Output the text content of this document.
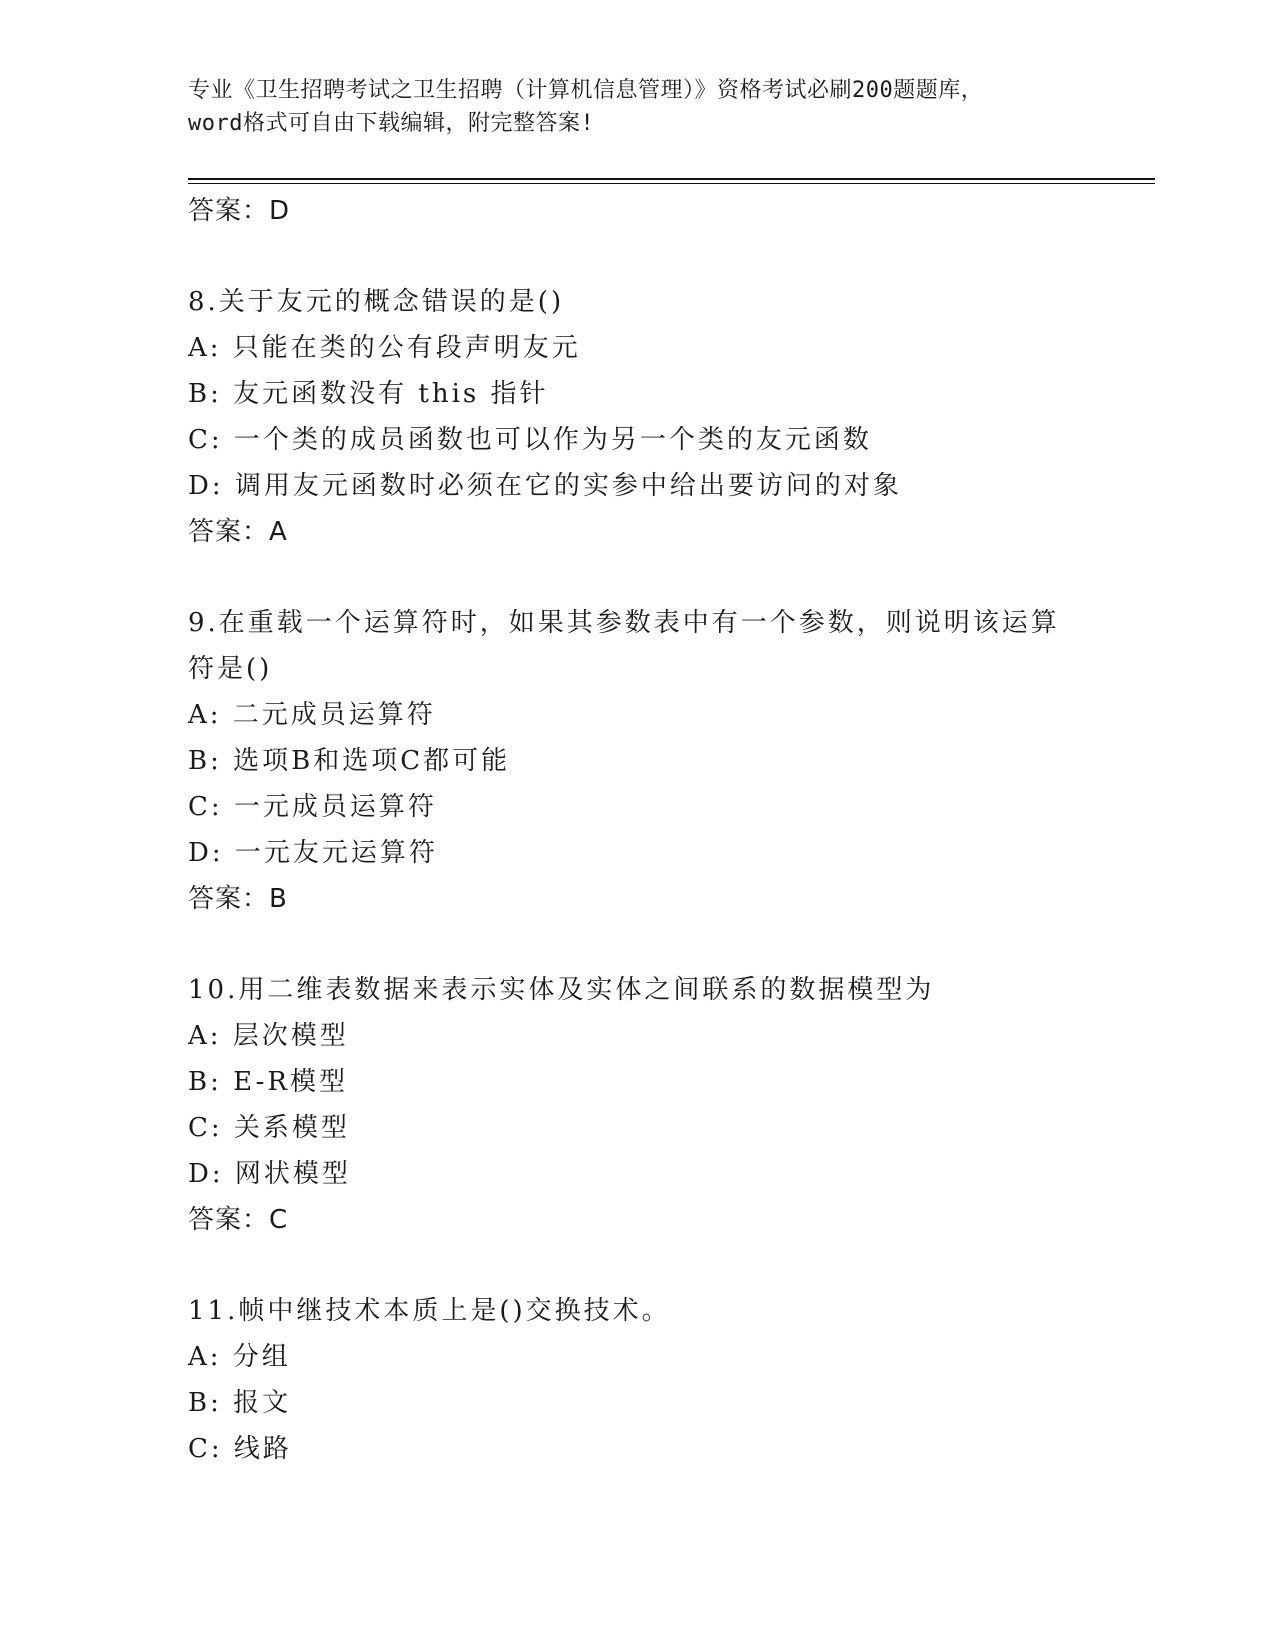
专业《卫生招聘考试之卫生招聘（计算机信息管理）》资格考试必刷200题题库，
word格式可自由下载编辑，附完整答案!
答案：D
8.关于友元的概念错误的是()
A: 只能在类的公有段声明友元
B: 友元函数没有 this 指针
C: 一个类的成员函数也可以作为另一个类的友元函数
D: 调用友元函数时必须在它的实参中给出要访问的对象
答案：A
9.在重载一个运算符时，如果其参数表中有一个参数，则说明该运算
符是()
A: 二元成员运算符
B: 选项B和选项C都可能
C: 一元成员运算符
D: 一元友元运算符
答案：B
10.用二维表数据来表示实体及实体之间联系的数据模型为
A: 层次模型
B: E-R模型
C: 关系模型
D: 网状模型
答案：C
11.帧中继技术本质上是()交换技术。
A: 分组
B: 报文
C: 线路
